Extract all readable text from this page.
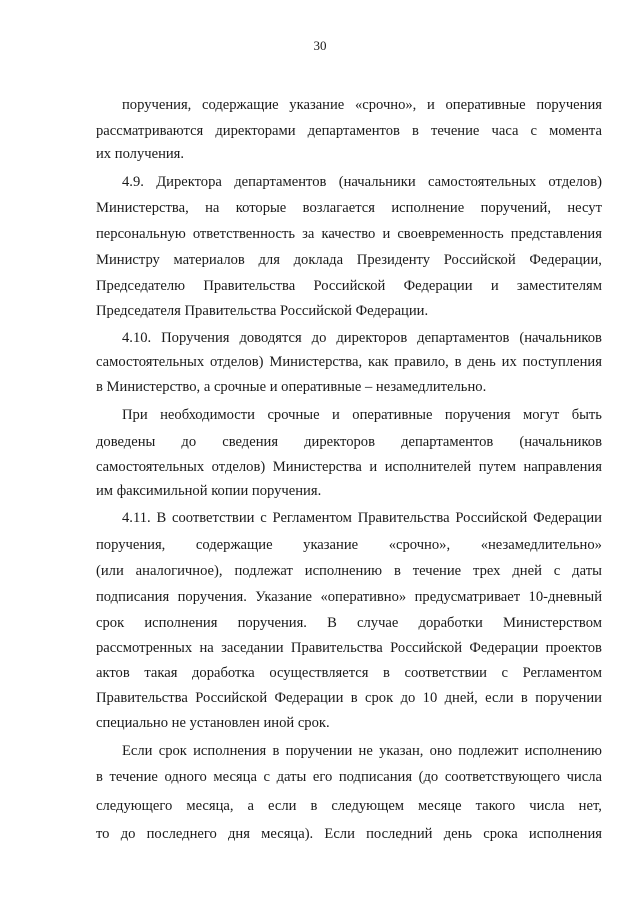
30
поручения, содержащие указание «срочно», и оперативные поручения
рассматриваются директорами департаментов в течение часа с момента
их получения.
4.9. Директора департаментов (начальники самостоятельных отделов)
Министерства, на которые возлагается исполнение поручений, несут
персональную ответственность за качество и своевременность представления
Министру материалов для доклада Президенту Российской Федерации,
Председателю Правительства Российской Федерации и заместителям
Председателя Правительства Российской Федерации.
4.10. Поручения доводятся до директоров департаментов (начальников
самостоятельных отделов) Министерства, как правило, в день их поступления
в Министерство, а срочные и оперативные – незамедлительно.
При необходимости срочные и оперативные поручения могут быть
доведены до сведения директоров департаментов (начальников
самостоятельных отделов) Министерства и исполнителей путем направления
им факсимильной копии поручения.
4.11. В соответствии с Регламентом Правительства Российской Федерации
поручения, содержащие указание «срочно», «незамедлительно»
(или аналогичное), подлежат исполнению в течение трех дней с даты
подписания поручения. Указание «оперативно» предусматривает 10-дневный
срок исполнения поручения. В случае доработки Министерством
рассмотренных на заседании Правительства Российской Федерации проектов
актов такая доработка осуществляется в соответствии с Регламентом
Правительства Российской Федерации в срок до 10 дней, если в поручении
специально не установлен иной срок.
Если срок исполнения в поручении не указан, оно подлежит исполнению
в течение одного месяца с даты его подписания (до соответствующего числа
следующего месяца, а если в следующем месяце такого числа нет,
то до последнего дня месяца). Если последний день срока исполнения
